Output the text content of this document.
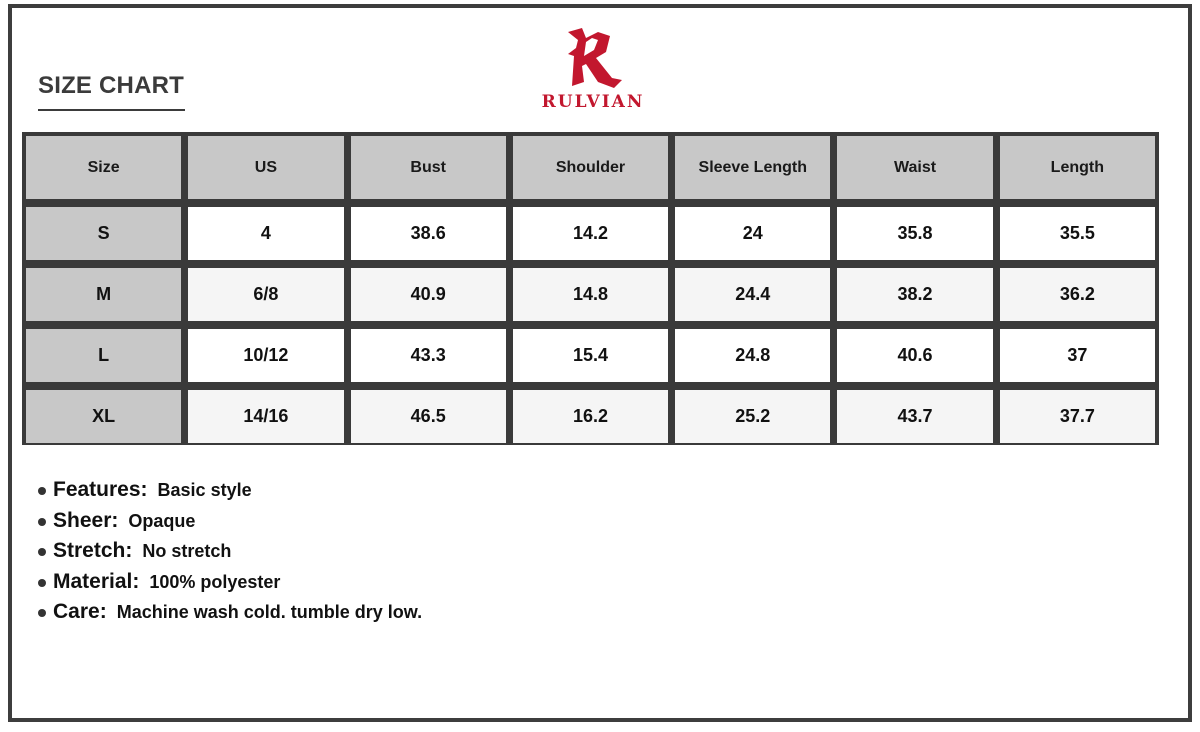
SIZE CHART
RULVIAN
Size	US	Bust	Shoulder	Sleeve Length	Waist	Length
S	4	38.6	14.2	24	35.8	35.5
M	6/8	40.9	14.8	24.4	38.2	36.2
L	10/12	43.3	15.4	24.8	40.6	37
XL	14/16	46.5	16.2	25.2	43.7	37.7
Features: Basic style
Sheer: Opaque
Stretch: No stretch
Material: 100% polyester
Care: Machine wash cold. tumble dry low.
